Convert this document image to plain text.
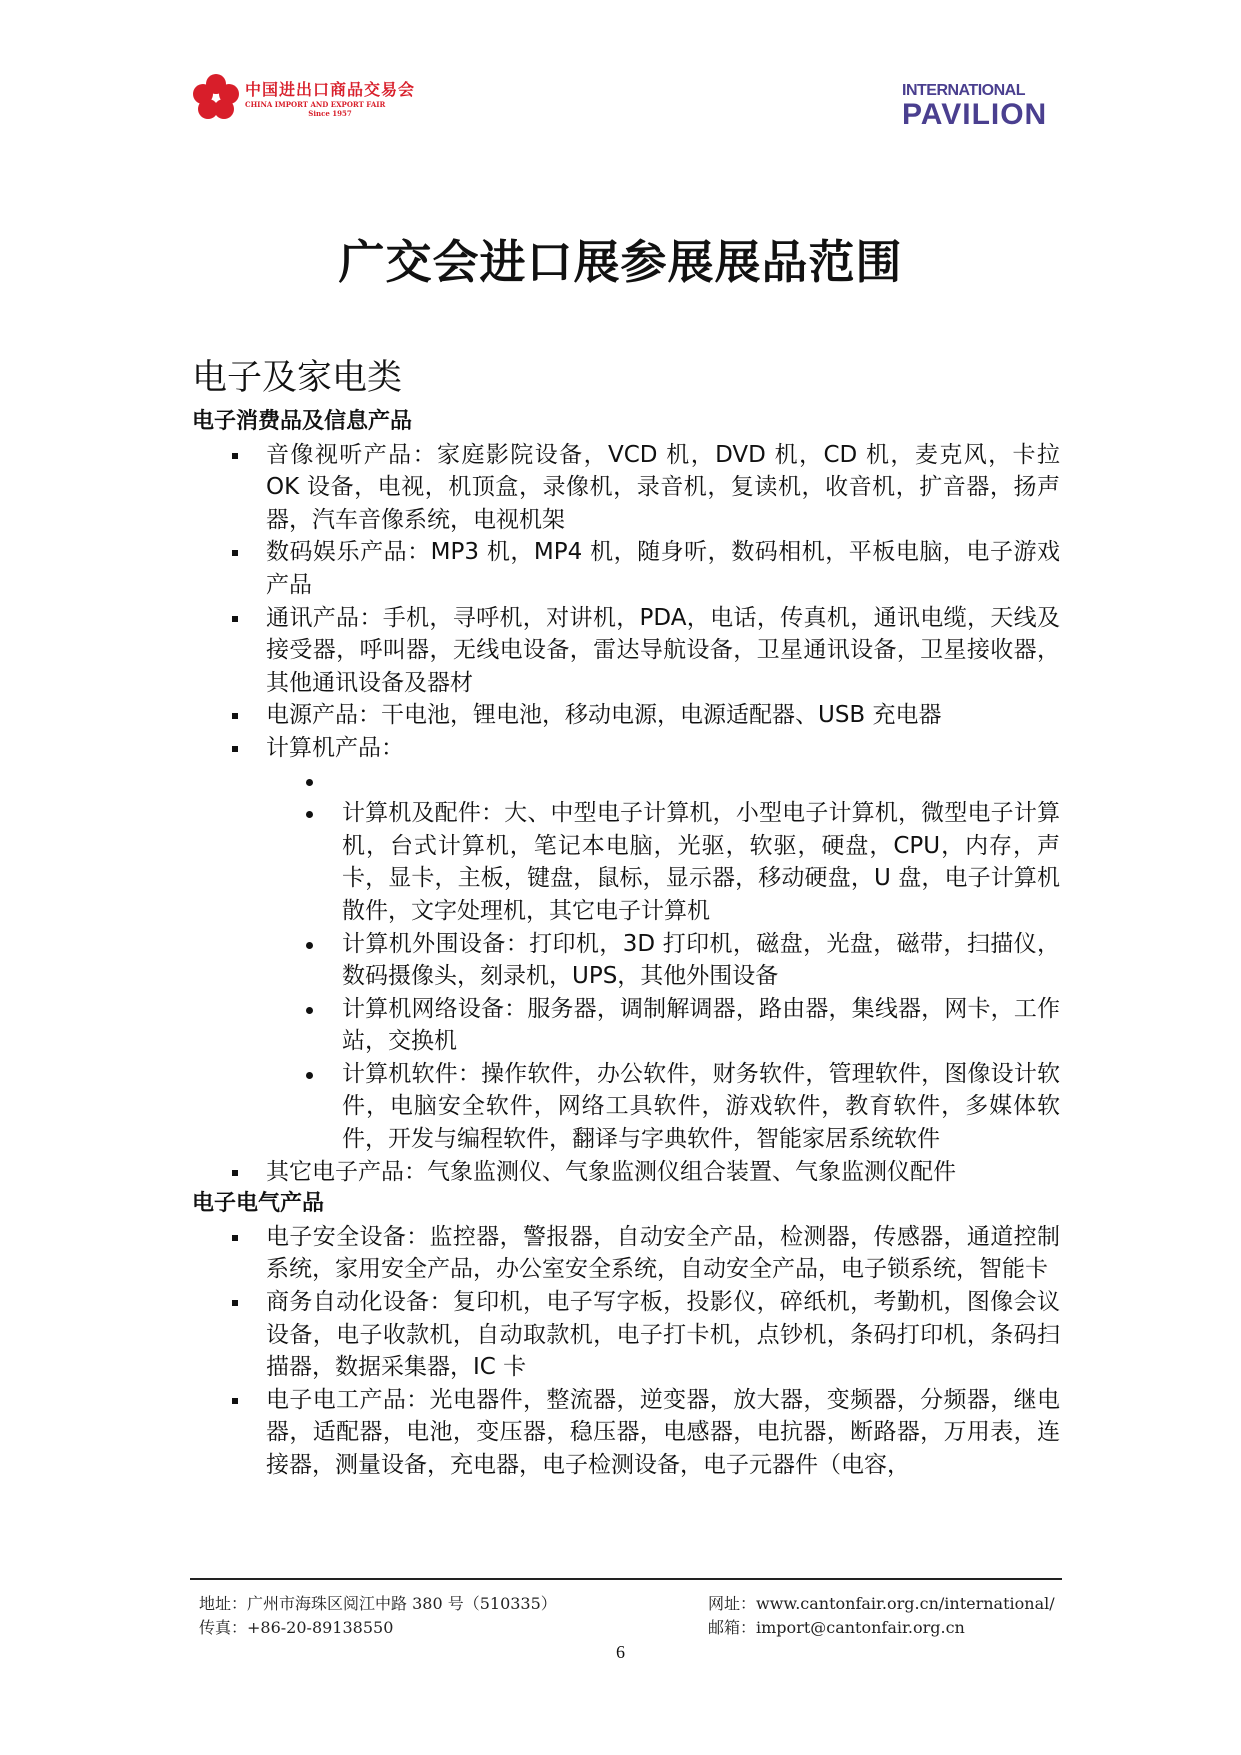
中国进出口商品交易会
CHINA IMPORT AND EXPORT FAIR
Since 1957
INTERNATIONAL
PAVILION
广交会进口展参展展品范围
电子及家电类
电子消费品及信息产品
音像视听产品：家庭影院设备，VCD 机，DVD 机，CD 机，麦克风，卡拉 OK 设备，电视，机顶盒，录像机，录音机，复读机，收音机，扩音器，扬声器，汽车音像系统，电视机架
数码娱乐产品：MP3 机，MP4 机，随身听，数码相机，平板电脑，电子游戏产品
通讯产品：手机，寻呼机，对讲机，PDA，电话，传真机，通讯电缆，天线及接受器，呼叫器，无线电设备，雷达导航设备，卫星通讯设备，卫星接收器，其他通讯设备及器材
电源产品：干电池，锂电池，移动电源，电源适配器、USB 充电器
计算机产品：
计算机及配件：大、中型电子计算机，小型电子计算机，微型电子计算机，台式计算机，笔记本电脑，光驱，软驱，硬盘，CPU，内存，声卡，显卡，主板，键盘，鼠标，显示器，移动硬盘，U 盘，电子计算机散件，文字处理机，其它电子计算机
计算机外围设备：打印机，3D 打印机，磁盘，光盘，磁带，扫描仪，数码摄像头，刻录机，UPS，其他外围设备
计算机网络设备：服务器，调制解调器，路由器，集线器，网卡，工作站，交换机
计算机软件：操作软件，办公软件，财务软件，管理软件，图像设计软件，电脑安全软件，网络工具软件，游戏软件，教育软件，多媒体软件，开发与编程软件，翻译与字典软件，智能家居系统软件
其它电子产品：气象监测仪、气象监测仪组合装置、气象监测仪配件
电子电气产品
电子安全设备：监控器，警报器，自动安全产品，检测器，传感器，通道控制系统，家用安全产品，办公室安全系统，自动安全产品，电子锁系统，智能卡
商务自动化设备：复印机，电子写字板，投影仪，碎纸机，考勤机，图像会议设备，电子收款机，自动取款机，电子打卡机，点钞机，条码打印机，条码扫描器，数据采集器，IC 卡
电子电工产品：光电器件，整流器，逆变器，放大器，变频器，分频器，继电器，适配器，电池，变压器，稳压器，电感器，电抗器，断路器，万用表，连接器，测量设备，充电器，电子检测设备，电子元器件（电容，
地址：广州市海珠区阅江中路 380 号（510335）
传真：+86-20-89138550
网址：www.cantonfair.org.cn/international/
邮箱：import@cantonfair.org.cn
6
